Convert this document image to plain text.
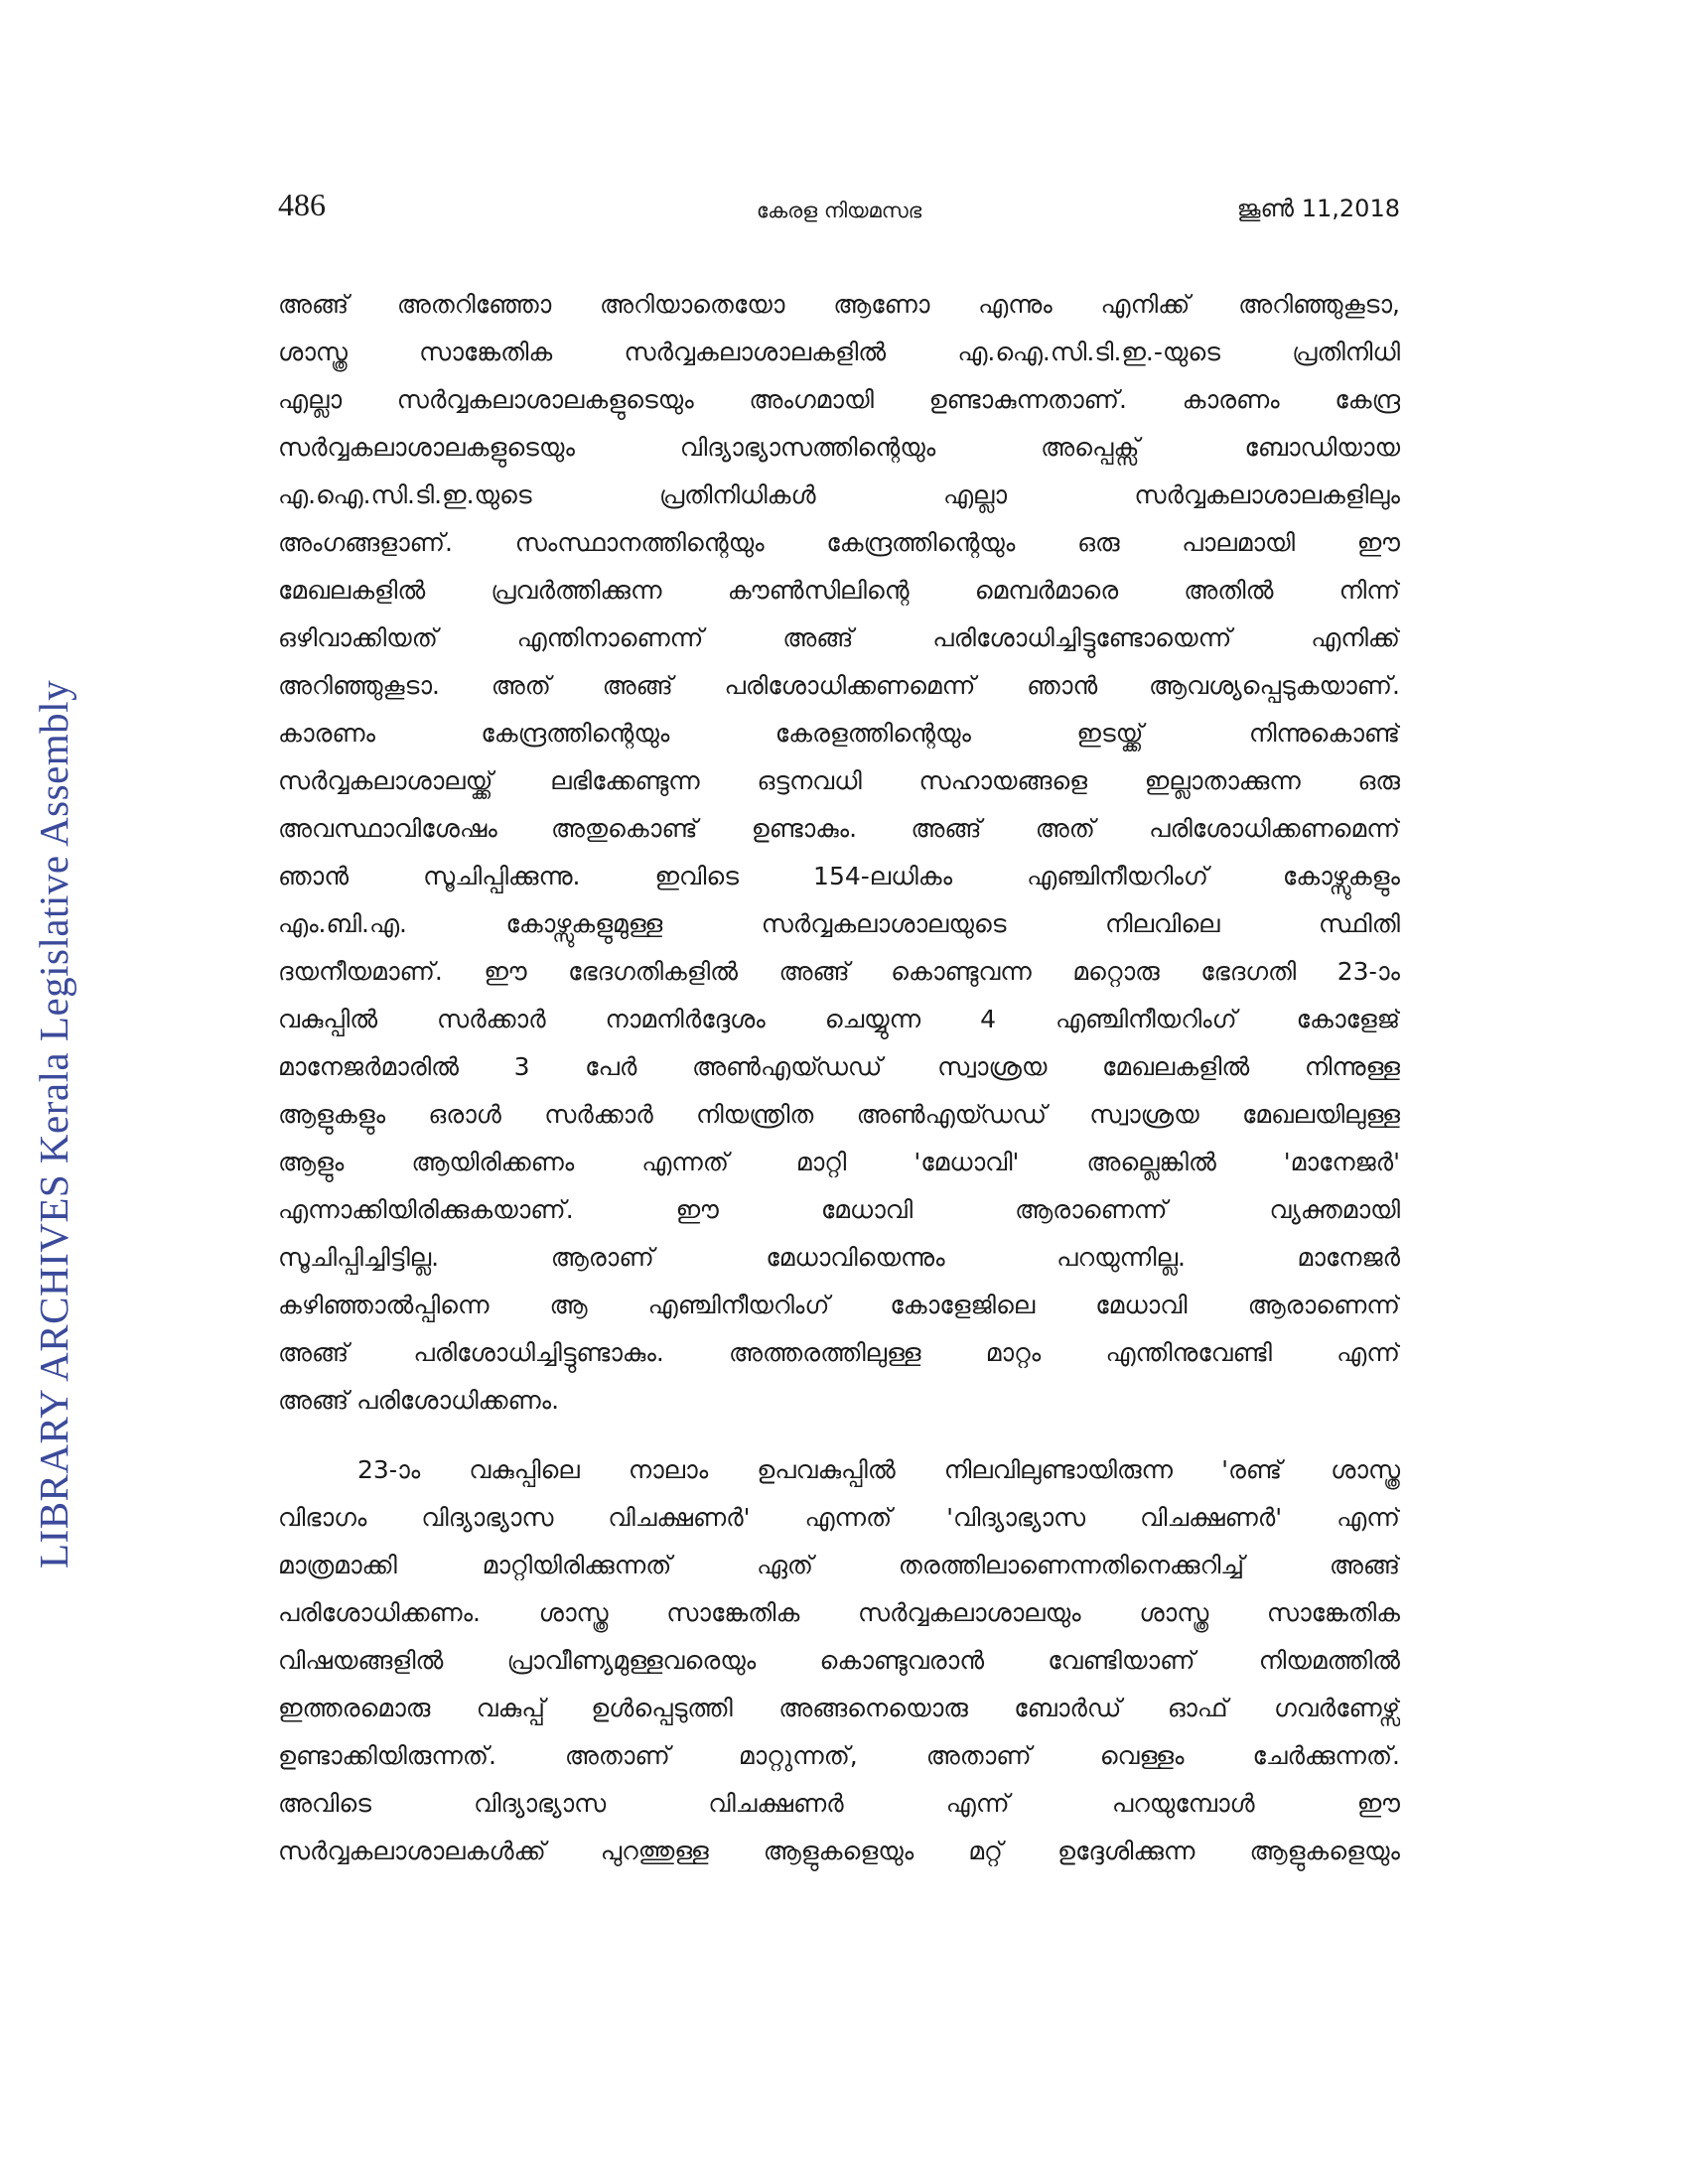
LIBRARY ARCHIVES Kerala Legislative Assembly
486	കേരള നിയമസഭ	ജൂൺ 11,2018
അങ്ങ് അതറിഞ്ഞോ അറിയാതെയോ ആണോ എന്നും എനിക്ക് അറിഞ്ഞുകൂടാ,
ശാസ്ത്ര സാങ്കേതിക സർവ്വകലാശാലകളിൽ എ.ഐ.സി.ടി.ഇ.-യുടെ പ്രതിനിധി
എല്ലാ സർവ്വകലാശാലകളുടെയും അംഗമായി ഉണ്ടാകുന്നതാണ്. കാരണം കേന്ദ്ര
സർവ്വകലാശാലകളുടെയും വിദ്യാഭ്യാസത്തിന്റെയും അപ്പെക്സ് ബോഡിയായ
എ.ഐ.സി.ടി.ഇ.യുടെ പ്രതിനിധികൾ എല്ലാ സർവ്വകലാശാലകളിലും
അംഗങ്ങളാണ്. സംസ്ഥാനത്തിന്റെയും കേന്ദ്രത്തിന്റെയും ഒരു പാലമായി ഈ
മേഖലകളിൽ പ്രവർത്തിക്കുന്ന കൗൺസിലിന്റെ മെമ്പർമാരെ അതിൽ നിന്ന്
ഒഴിവാക്കിയത് എന്തിനാണെന്ന് അങ്ങ് പരിശോധിച്ചിട്ടുണ്ടോയെന്ന് എനിക്ക്
അറിഞ്ഞുകൂടാ. അത് അങ്ങ് പരിശോധിക്കണമെന്ന് ഞാൻ ആവശ്യപ്പെടുകയാണ്.
കാരണം കേന്ദ്രത്തിന്റെയും കേരളത്തിന്റെയും ഇടയ്ക്ക് നിന്നുകൊണ്ട്
സർവ്വകലാശാലയ്ക്ക് ലഭിക്കേണ്ടുന്ന ഒട്ടനവധി സഹായങ്ങളെ ഇല്ലാതാക്കുന്ന ഒരു
അവസ്ഥാവിശേഷം അതുകൊണ്ട് ഉണ്ടാകും. അങ്ങ് അത് പരിശോധിക്കണമെന്ന്
ഞാൻ സൂചിപ്പിക്കുന്നു. ഇവിടെ 154-ലധികം എഞ്ചിനീയറിംഗ് കോഴ്സുകളും
എം.ബി.എ. കോഴ്സുകളുമുള്ള സർവ്വകലാശാലയുടെ നിലവിലെ സ്ഥിതി
ദയനീയമാണ്. ഈ ഭേദഗതികളിൽ അങ്ങ് കൊണ്ടുവന്ന മറ്റൊരു ഭേദഗതി 23-ാം
വകുപ്പിൽ സർക്കാർ നാമനിർദ്ദേശം ചെയ്യുന്ന 4 എഞ്ചിനീയറിംഗ് കോളേജ്
മാനേജർമാരിൽ 3 പേർ അൺഎയ്ഡഡ് സ്വാശ്രയ മേഖലകളിൽ നിന്നുള്ള
ആളുകളും ഒരാൾ സർക്കാർ നിയന്ത്രിത അൺഎയ്ഡഡ് സ്വാശ്രയ മേഖലയിലുള്ള
ആളും ആയിരിക്കണം എന്നത് മാറ്റി 'മേധാവി' അല്ലെങ്കിൽ 'മാനേജർ'
എന്നാക്കിയിരിക്കുകയാണ്. ഈ മേധാവി ആരാണെന്ന് വ്യക്തമായി
സൂചിപ്പിച്ചിട്ടില്ല. ആരാണ് മേധാവിയെന്നും പറയുന്നില്ല. മാനേജർ
കഴിഞ്ഞാൽപ്പിന്നെ ആ എഞ്ചിനീയറിംഗ് കോളേജിലെ മേധാവി ആരാണെന്ന്
അങ്ങ് പരിശോധിച്ചിട്ടുണ്ടാകും. അത്തരത്തിലുള്ള മാറ്റം എന്തിനുവേണ്ടി എന്ന്
അങ്ങ് പരിശോധിക്കണം.
23-ാം വകുപ്പിലെ നാലാം ഉപവകുപ്പിൽ നിലവിലുണ്ടായിരുന്ന 'രണ്ട് ശാസ്ത്ര
വിഭാഗം വിദ്യാഭ്യാസ വിചക്ഷണർ' എന്നത് 'വിദ്യാഭ്യാസ വിചക്ഷണർ' എന്ന്
മാത്രമാക്കി മാറ്റിയിരിക്കുന്നത് ഏത് തരത്തിലാണെന്നതിനെക്കുറിച്ച് അങ്ങ്
പരിശോധിക്കണം. ശാസ്ത്ര സാങ്കേതിക സർവ്വകലാശാലയും ശാസ്ത്ര സാങ്കേതിക
വിഷയങ്ങളിൽ പ്രാവീണ്യമുള്ളവരെയും കൊണ്ടുവരാൻ വേണ്ടിയാണ് നിയമത്തിൽ
ഇത്തരമൊരു വകുപ്പ് ഉൾപ്പെടുത്തി അങ്ങനെയൊരു ബോർഡ് ഓഫ് ഗവർണേഴ്സ്
ഉണ്ടാക്കിയിരുന്നത്. അതാണ് മാറ്റുന്നത്, അതാണ് വെള്ളം ചേർക്കുന്നത്.
അവിടെ വിദ്യാഭ്യാസ വിചക്ഷണർ എന്ന് പറയുമ്പോൾ ഈ
സർവ്വകലാശാലകൾക്ക് പുറത്തുള്ള ആളുകളെയും മറ്റ് ഉദ്ദേശിക്കുന്ന ആളുകളെയും
